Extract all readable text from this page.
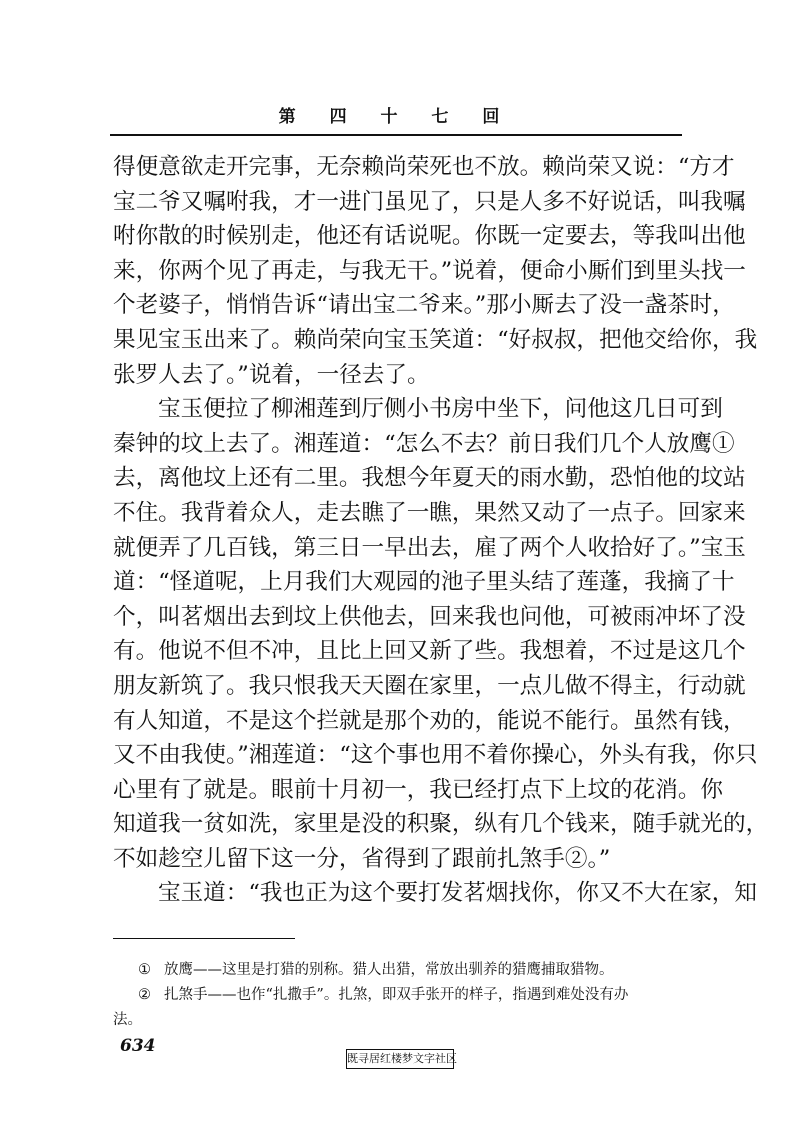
第 四 十 七 回
得便意欲走开完事，无奈赖尚荣死也不放。赖尚荣又说：“方才
宝二爷又嘱咐我，才一进门虽见了，只是人多不好说话，叫我嘱
咐你散的时候别走，他还有话说呢。你既一定要去，等我叫出他
来，你两个见了再走，与我无干。”说着，便命小厮们到里头找一
个老婆子，悄悄告诉“请出宝二爷来。”那小厮去了没一盏茶时，
果见宝玉出来了。赖尚荣向宝玉笑道：“好叔叔，把他交给你，我
张罗人去了。”说着，一径去了。
宝玉便拉了柳湘莲到厅侧小书房中坐下，问他这几日可到
秦钟的坟上去了。湘莲道：“怎么不去？前日我们几个人放鹰①
去，离他坟上还有二里。我想今年夏天的雨水勤，恐怕他的坟站
不住。我背着众人，走去瞧了一瞧，果然又动了一点子。回家来
就便弄了几百钱，第三日一早出去，雇了两个人收拾好了。”宝玉
道：“怪道呢，上月我们大观园的池子里头结了莲蓬，我摘了十
个，叫茗烟出去到坟上供他去，回来我也问他，可被雨冲坏了没
有。他说不但不冲，且比上回又新了些。我想着，不过是这几个
朋友新筑了。我只恨我天天圈在家里，一点儿做不得主，行动就
有人知道，不是这个拦就是那个劝的，能说不能行。虽然有钱，
又不由我使。”湘莲道：“这个事也用不着你操心，外头有我，你只
心里有了就是。眼前十月初一，我已经打点下上坟的花消。你
知道我一贫如洗，家里是没的积聚，纵有几个钱来，随手就光的，
不如趁空儿留下这一分，省得到了跟前扎煞手②。”
宝玉道：“我也正为这个要打发茗烟找你，你又不大在家，知
① 放鹰——这里是打猎的别称。猎人出猎，常放出驯养的猎鹰捕取猎物。
② 扎煞手——也作“扎撒手”。扎煞，即双手张开的样子，指遇到难处没有办
法。
634
既寻居红楼梦文字社区
